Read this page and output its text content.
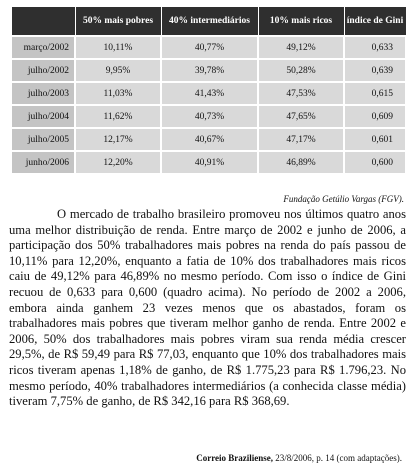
	50% mais pobres	40% intermediários	10% mais ricos	índice de Gini
março/2002	10,11%	40,77%	49,12%	0,633
julho/2002	9,95%	39,78%	50,28%	0,639
julho/2003	11,03%	41,43%	47,53%	0,615
julho/2004	11,62%	40,73%	47,65%	0,609
julho/2005	12,17%	40,67%	47,17%	0,601
junho/2006	12,20%	40,91%	46,89%	0,600
Fundação Getúlio Vargas (FGV).

O mercado de trabalho brasileiro promoveu nos últimos quatro anos uma melhor distribuição de renda. Entre março de 2002 e junho de 2006, a participação dos 50% trabalhadores mais pobres na renda do país passou de 10,11% para 12,20%, enquanto a fatia de 10% dos trabalhadores mais ricos caiu de 49,12% para 46,89% no mesmo período. Com isso o índice de Gini recuou de 0,633 para 0,600 (quadro acima). No período de 2002 a 2006, embora ainda ganhem 23 vezes menos que os abastados, foram os trabalhadores mais pobres que tiveram melhor ganho de renda. Entre 2002 e 2006, 50% dos trabalhadores mais pobres viram sua renda média crescer 29,5%, de R$ 59,49 para R$ 77,03, enquanto que 10% dos trabalhadores mais ricos tiveram apenas 1,18% de ganho, de R$ 1.775,23 para R$ 1.796,23. No mesmo período, 40% trabalhadores intermediários (a conhecida classe média) tiveram 7,75% de ganho, de R$ 342,16 para R$ 368,69.

Correio Braziliense, 23/8/2006, p. 14 (com adaptações).
